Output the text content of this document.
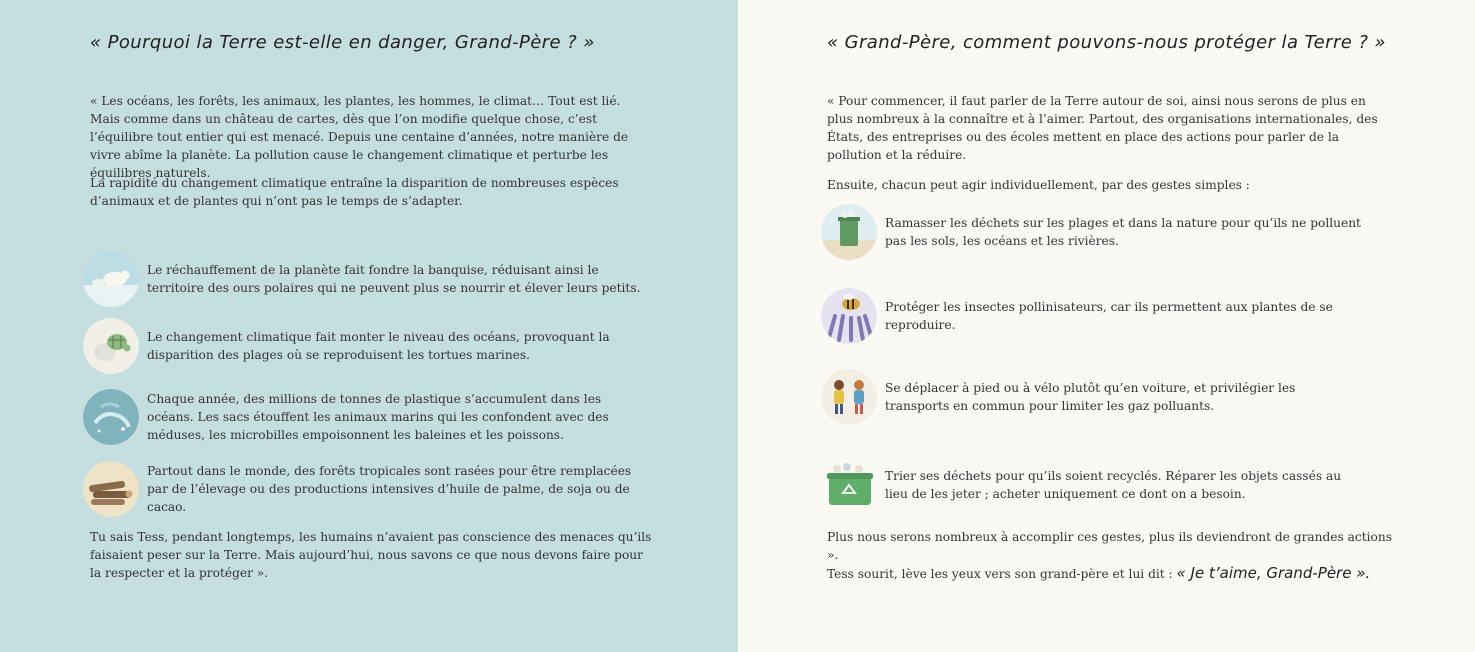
« Pourquoi la Terre est-elle en danger, Grand-Père ? »

« Les océans, les forêts, les animaux, les plantes, les hommes, le climat… Tout est lié. Mais comme dans un château de cartes, dès que l’on modifie quelque chose, c’est l’équilibre tout entier qui est menacé. Depuis une centaine d’années, notre manière de vivre abîme la planète. La pollution cause le changement climatique et perturbe les équilibres naturels.

La rapidité du changement climatique entraîne la disparition de nombreuses espèces d’animaux et de plantes qui n’ont pas le temps de s’adapter.

Le réchauffement de la planète fait fondre la banquise, réduisant ainsi le territoire des ours polaires qui ne peuvent plus se nourrir et élever leurs petits.

Le changement climatique fait monter le niveau des océans, provoquant la disparition des plages où se reproduisent les tortues marines.

Chaque année, des millions de tonnes de plastique s’accumulent dans les océans. Les sacs étouffent les animaux marins qui les confondent avec des méduses, les microbilles empoisonnent les baleines et les poissons.

Partout dans le monde, des forêts tropicales sont rasées pour être remplacées par de l’élevage ou des productions intensives d’huile de palme, de soja ou de cacao.

Tu sais Tess, pendant longtemps, les humains n’avaient pas conscience des menaces qu’ils faisaient peser sur la Terre. Mais aujourd’hui, nous savons ce que nous devons faire pour la respecter et la protéger ».

« Grand-Père, comment pouvons-nous protéger la Terre ? »

« Pour commencer, il faut parler de la Terre autour de soi, ainsi nous serons de plus en plus nombreux à la connaître et à l’aimer. Partout, des organisations internationales, des États, des entreprises ou des écoles mettent en place des actions pour parler de la pollution et la réduire.

Ensuite, chacun peut agir individuellement, par des gestes simples :

Ramasser les déchets sur les plages et dans la nature pour qu’ils ne polluent pas les sols, les océans et les rivières.

Protéger les insectes pollinisateurs, car ils permettent aux plantes de se reproduire.

Se déplacer à pied ou à vélo plutôt qu’en voiture, et privilégier les transports en commun pour limiter les gaz polluants.

Trier ses déchets pour qu’ils soient recyclés. Réparer les objets cassés au lieu de les jeter ; acheter uniquement ce dont on a besoin.

Plus nous serons nombreux à accomplir ces gestes, plus ils deviendront de grandes actions ».

Tess sourit, lève les yeux vers son grand-père et lui dit : « Je t’aime, Grand-Père ».
